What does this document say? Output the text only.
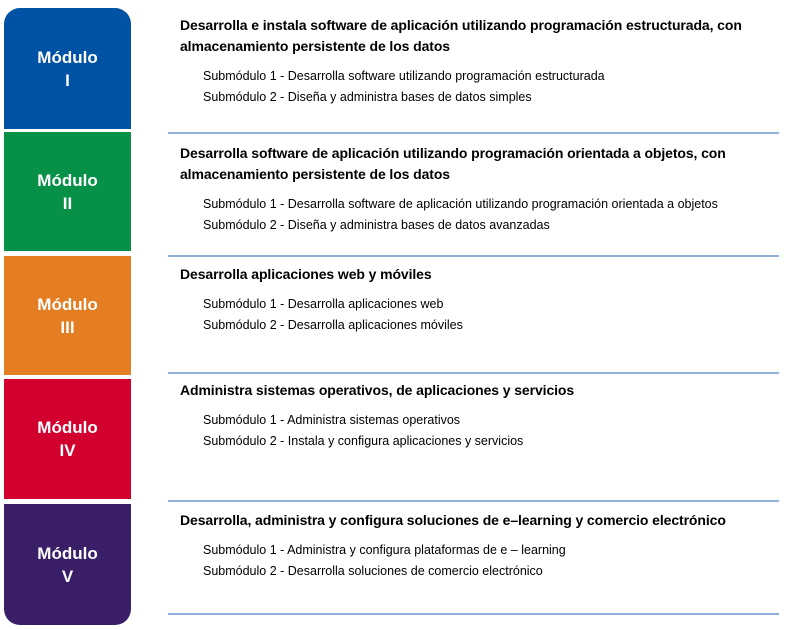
Módulo
I
Desarrolla e instala software de aplicación utilizando programación estructurada, con
almacenamiento persistente de los datos
Submódulo 1 - Desarrolla software utilizando programación estructurada
Submódulo 2 - Diseña y administra bases de datos simples
Módulo
II
Desarrolla software de aplicación utilizando programación orientada a objetos, con
almacenamiento persistente de los datos
Submódulo 1 - Desarrolla software de aplicación utilizando programación orientada a objetos
Submódulo 2 - Diseña y administra bases de datos avanzadas
Módulo
III
Desarrolla aplicaciones web y móviles
Submódulo 1 - Desarrolla aplicaciones web
Submódulo 2 - Desarrolla aplicaciones móviles
Módulo
IV
Administra sistemas operativos, de aplicaciones y servicios
Submódulo 1 - Administra sistemas operativos
Submódulo 2 - Instala y configura aplicaciones y servicios
Módulo
V
Desarrolla, administra y configura soluciones de e–learning y comercio electrónico
Submódulo 1 - Administra y configura plataformas de e – learning
Submódulo 2 - Desarrolla soluciones de comercio electrónico
